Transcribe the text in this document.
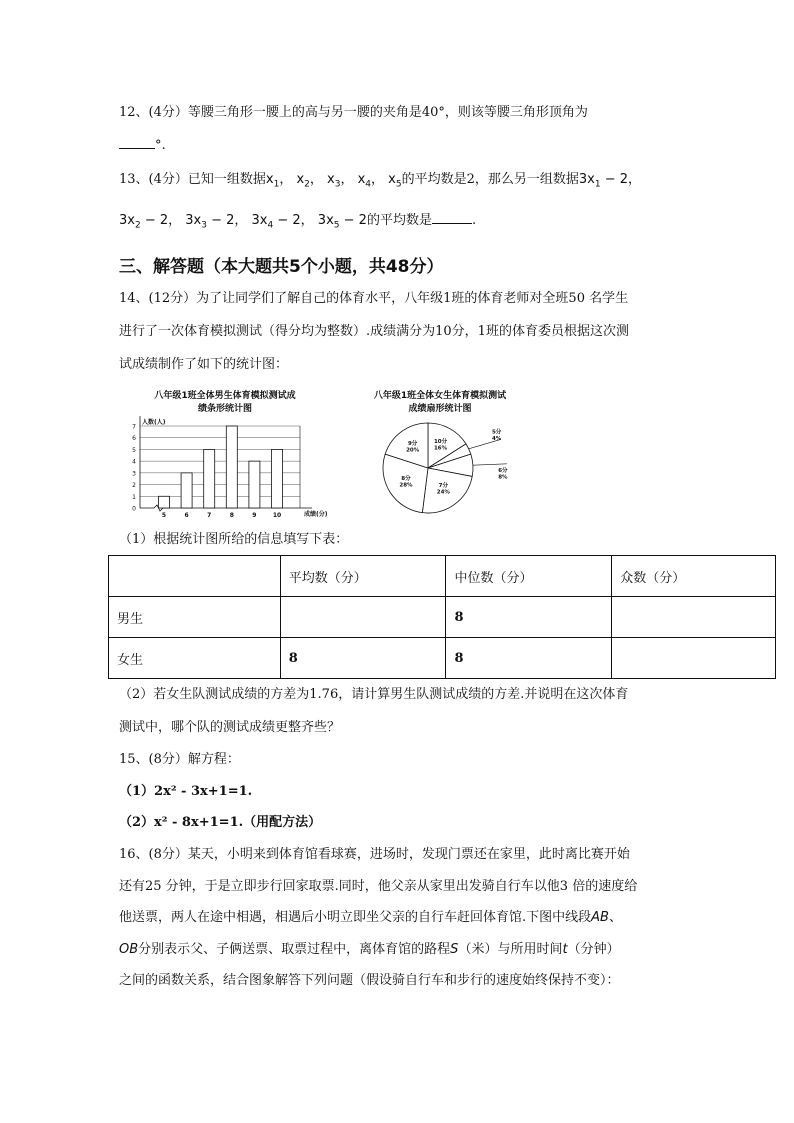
12、(4分）等腰三角形一腰上的高与另一腰的夹角是40°，则该等腰三角形顶角为
°.
13、(4分）已知一组数据$x_1$， $x_2$， $x_3$， $x_4$， $x_5$的平均数是2，那么另一组数据$3x_1 - 2$，
$3x_2 - 2$， $3x_3 - 2$， $3x_4 - 2$， $3x_5 - 2$的平均数是	.
三、解答题（本大题共5个小题，共48分）
14、(12分）为了让同学们了解自己的体育水平，八年级1班的体育老师对全班50 名学生
进行了一次体育模拟测试（得分均为整数）.成绩满分为10分，1班的体育委员根据这次测
试成绩制作了如下的统计图：
八年级1班全体男生体育模拟测试成绩条形统计图
0
1
2
3
4
5
6
7
人数(人)
成绩(分)
5	6	7	8	9	10
八年级1班全体女生体育模拟测试成绩扇形统计图
10分
16%
5分
4%
6分
8%
7分
24%
8分
28%
9分
20%
（1）根据统计图所给的信息填写下表：
	平均数（分）	中位数（分）	众数（分）
男生		8	
女生	8	8	
（2）若女生队测试成绩的方差为1.76，请计算男生队测试成绩的方差.并说明在这次体育
测试中，哪个队的测试成绩更整齐些？
15、(8分）解方程：
（1）2x² - 3x+1=1.
（2）x² - 8x+1=1.（用配方法）
16、(8分）某天，小明来到体育馆看球赛，进场时，发现门票还在家里，此时离比赛开始
还有25 分钟，于是立即步行回家取票.同时，他父亲从家里出发骑自行车以他3 倍的速度给
他送票，两人在途中相遇，相遇后小明立即坐父亲的自行车赶回体育馆.下图中线段AB、
OB分别表示父、子俩送票、取票过程中，离体育馆的路程S（米）与所用时间t（分钟）
之间的函数关系，结合图象解答下列问题（假设骑自行车和步行的速度始终保持不变）：
